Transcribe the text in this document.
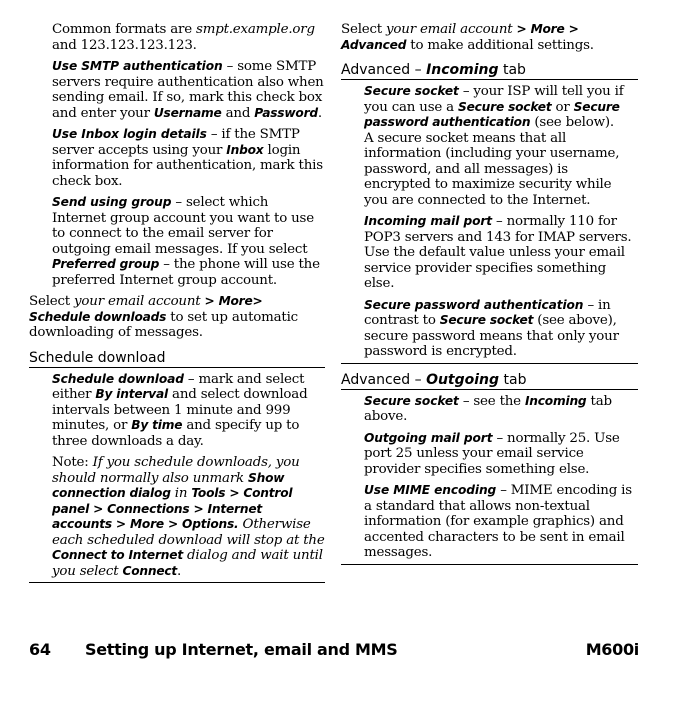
Common formats are smpt.example.org and 123.123.123.123.

Use SMTP authentication – some SMTP servers require authentication also when sending email. If so, mark this check box and enter your Username and Password.

Use Inbox login details – if the SMTP server accepts using your Inbox login information for authentication, mark this check box.

Send using group – select which Internet group account you want to use to connect to the email server for outgoing email messages. If you select Preferred group – the phone will use the preferred Internet group account.

Select your email account > More> Schedule downloads to set up automatic downloading of messages.

Schedule download

Schedule download – mark and select either By interval and select download intervals between 1 minute and 999 minutes, or By time and specify up to three downloads a day.

Note: If you schedule downloads, you should normally also unmark Show connection dialog in Tools > Control panel > Connections > Internet accounts > More > Options. Otherwise each scheduled download will stop at the Connect to Internet dialog and wait until you select Connect.

Select your email account > More > Advanced to make additional settings.

Advanced – Incoming tab

Secure socket – your ISP will tell you if you can use a Secure socket or Secure password authentication (see below).
A secure socket means that all information (including your username, password, and all messages) is encrypted to maximize security while you are connected to the Internet.

Incoming mail port – normally 110 for POP3 servers and 143 for IMAP servers. Use the default value unless your email service provider specifies something else.

Secure password authentication – in contrast to Secure socket (see above), secure password means that only your password is encrypted.

Advanced – Outgoing tab

Secure socket – see the Incoming tab above.

Outgoing mail port – normally 25. Use port 25 unless your email service provider specifies something else.

Use MIME encoding – MIME encoding is a standard that allows non-textual information (for example graphics) and accented characters to be sent in email messages.

64 Setting up Internet, email and MMS	M600i
